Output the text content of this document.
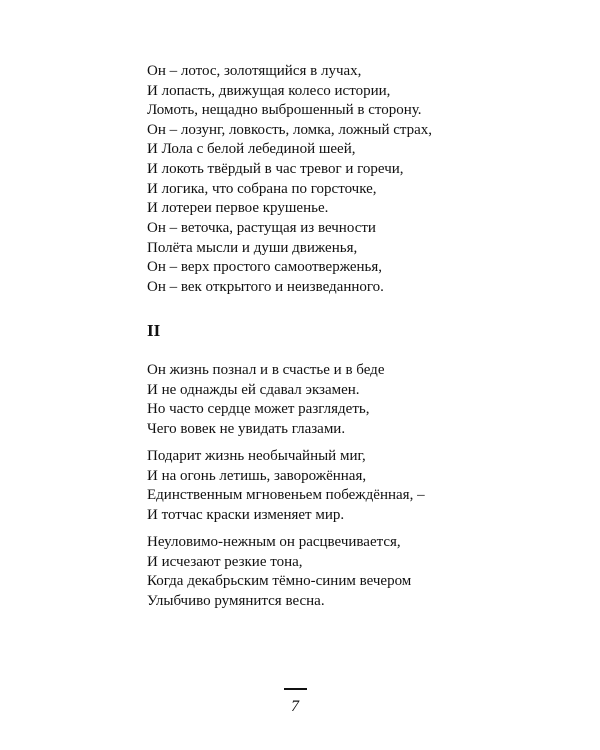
Он – лотос, золотящийся в лучах,
И лопасть, движущая колесо истории,
Ломоть, нещадно выброшенный в сторону.
Он – лозунг, ловкость, ломка, ложный страх,
И Лола с белой лебединой шеей,
И локоть твёрдый в час тревог и горечи,
И логика, что собрана по горсточке,
И лотереи первое крушенье.
Он – веточка, растущая из вечности
Полёта мысли и души движенья,
Он – верх простого самоотверженья,
Он – век открытого и неизведанного.
II
Он жизнь познал и в счастье и в беде
И не однажды ей сдавал экзамен.
Но часто сердце может разглядеть,
Чего вовек не увидать глазами.
Подарит жизнь необычайный миг,
И на огонь летишь, заворожённая,
Единственным мгновеньем побеждённая, –
И тотчас краски изменяет мир.
Неуловимо-нежным он расцвечивается,
И исчезают резкие тона,
Когда декабрьским тёмно-синим вечером
Улыбчиво румянится весна.
7
